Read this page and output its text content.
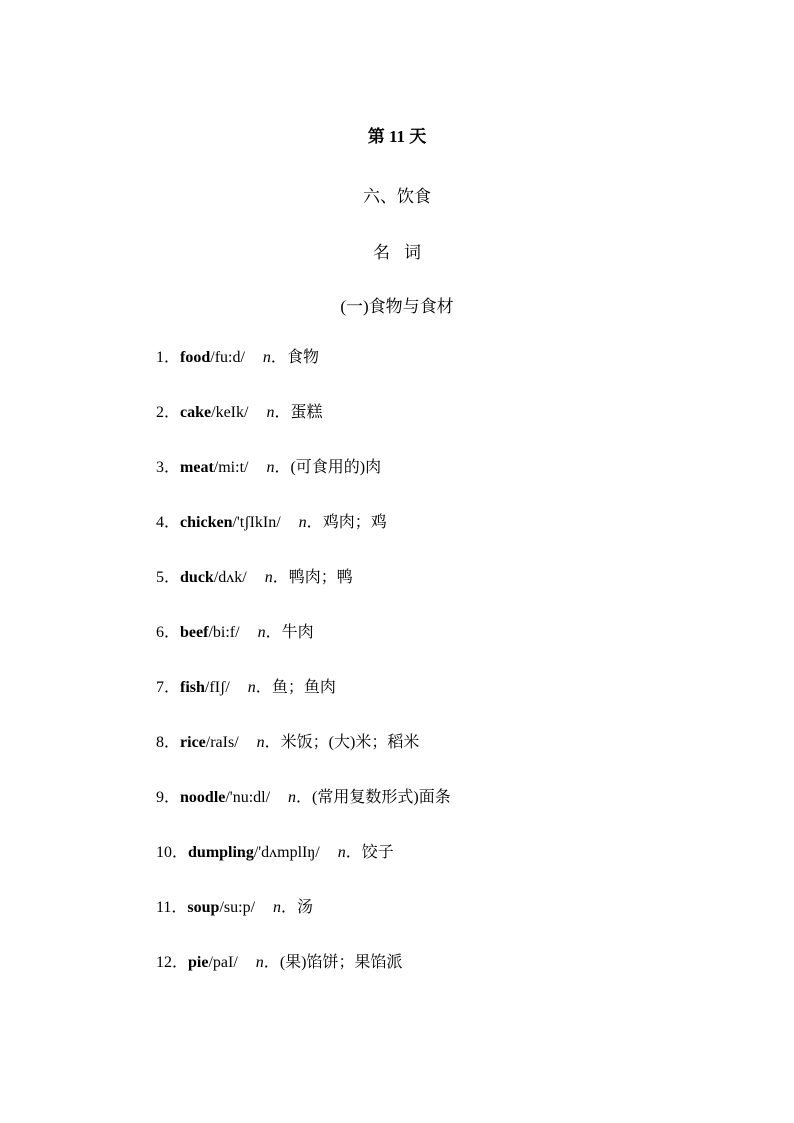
第 11 天
六、饮食
名词
(一)食物与食材
1．food/fu:d/ n．食物
2．cake/keIk/ n．蛋糕
3．meat/mi:t/ n．(可食用的)肉
4．chicken/'tʃIkIn/ n．鸡肉；鸡
5．duck/dʌk/ n．鸭肉；鸭
6．beef/bi:f/ n．牛肉
7．fish/fIʃ/ n．鱼；鱼肉
8．rice/raIs/ n．米饭；(大)米；稻米
9．noodle/'nu:dl/ n．(常用复数形式)面条
10．dumpling/'dʌmplIŋ/ n．饺子
11．soup/su:p/ n．汤
12．pie/paI/ n．(果)馅饼；果馅派
